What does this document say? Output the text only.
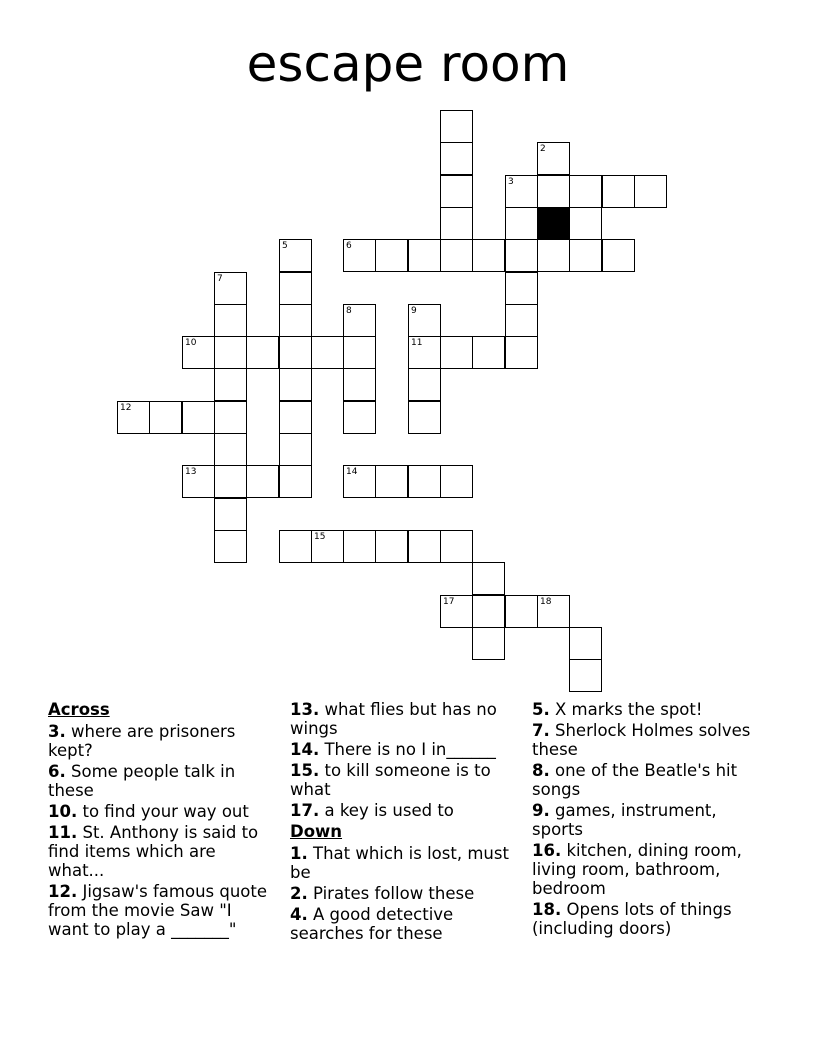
escape room
2
3
5	6
7
8	9
10	11
12
13	14
15
17	18
Across
3. where are prisoners kept?
6. Some people talk in these
10. to find your way out
11. St. Anthony is said to find items which are what...
12. Jigsaw's famous quote from the movie Saw "I want to play a _______"
13. what flies but has no wings
14. There is no I in______
15. to kill someone is to what
17. a key is used to
Down
1. That which is lost, must be
2. Pirates follow these
4. A good detective searches for these
5. X marks the spot!
7. Sherlock Holmes solves these
8. one of the Beatle's hit songs
9. games, instrument, sports
16. kitchen, dining room, living room, bathroom, bedroom
18. Opens lots of things (including doors)
